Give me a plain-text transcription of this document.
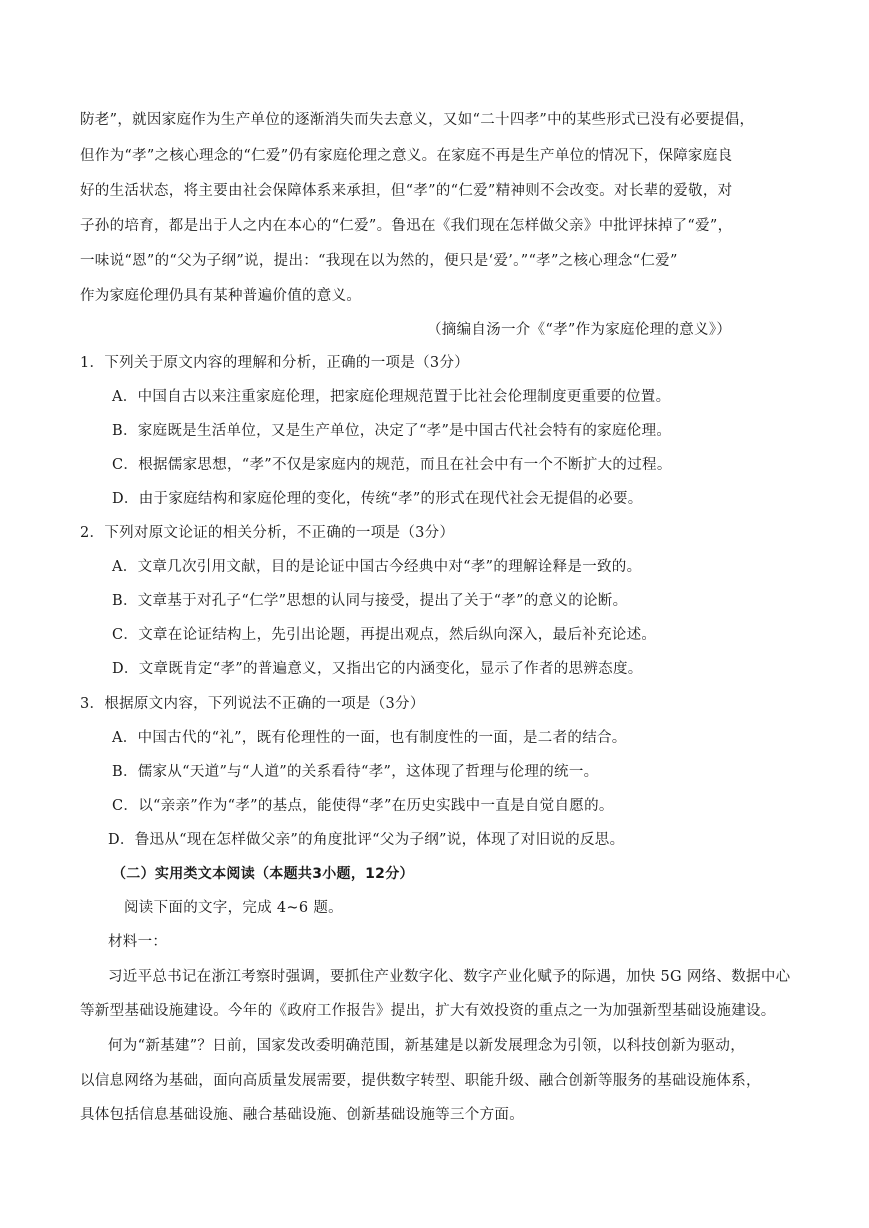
防老”，就因家庭作为生产单位的逐渐消失而失去意义，又如“二十四孝”中的某些形式已没有必要提倡，
但作为“孝”之核心理念的“仁爱”仍有家庭伦理之意义。在家庭不再是生产单位的情况下，保障家庭良
好的生活状态，将主要由社会保障体系来承担，但“孝”的“仁爱”精神则不会改变。对长辈的爱敬，对
子孙的培育，都是出于人之内在本心的“仁爱”。鲁迅在《我们现在怎样做父亲》中批评抹掉了“爱”，
一味说“恩”的“父为子纲”说，提出：“我现在以为然的，便只是‘爱’。”“孝”之核心理念“仁爱”
作为家庭伦理仍具有某种普遍价值的意义。
（摘编自汤一介《“孝”作为家庭伦理的意义》）
1．下列关于原文内容的理解和分析，正确的一项是（3分）
A．中国自古以来注重家庭伦理，把家庭伦理规范置于比社会伦理制度更重要的位置。
B．家庭既是生活单位，又是生产单位，决定了“孝”是中国古代社会特有的家庭伦理。
C．根据儒家思想，“孝”不仅是家庭内的规范，而且在社会中有一个不断扩大的过程。
D．由于家庭结构和家庭伦理的变化，传统“孝”的形式在现代社会无提倡的必要。
2．下列对原文论证的相关分析，不正确的一项是（3分）
A．文章几次引用文献，目的是论证中国古今经典中对“孝”的理解诠释是一致的。
B．文章基于对孔子“仁学”思想的认同与接受，提出了关于“孝”的意义的论断。
C．文章在论证结构上，先引出论题，再提出观点，然后纵向深入，最后补充论述。
D．文章既肯定“孝”的普遍意义，又指出它的内涵变化，显示了作者的思辨态度。
3．根据原文内容，下列说法不正确的一项是（3分）
A．中国古代的“礼”，既有伦理性的一面，也有制度性的一面，是二者的结合。
B．儒家从“天道”与“人道”的关系看待“孝”，这体现了哲理与伦理的统一。
C．以“亲亲”作为“孝”的基点，能使得“孝”在历史实践中一直是自觉自愿的。
D．鲁迅从“现在怎样做父亲”的角度批评“父为子纲”说，体现了对旧说的反思。
（二）实用类文本阅读（本题共3小题，12分）
阅读下面的文字，完成 4~6 题。
材料一：
习近平总书记在浙江考察时强调，要抓住产业数字化、数字产业化赋予的际遇，加快 5G 网络、数据中心
等新型基础设施建设。今年的《政府工作报告》提出，扩大有效投资的重点之一为加强新型基础设施建设。
何为“新基建”？日前，国家发改委明确范围，新基建是以新发展理念为引领，以科技创新为驱动，
以信息网络为基础，面向高质量发展需要，提供数字转型、职能升级、融合创新等服务的基础设施体系，
具体包括信息基础设施、融合基础设施、创新基础设施等三个方面。
